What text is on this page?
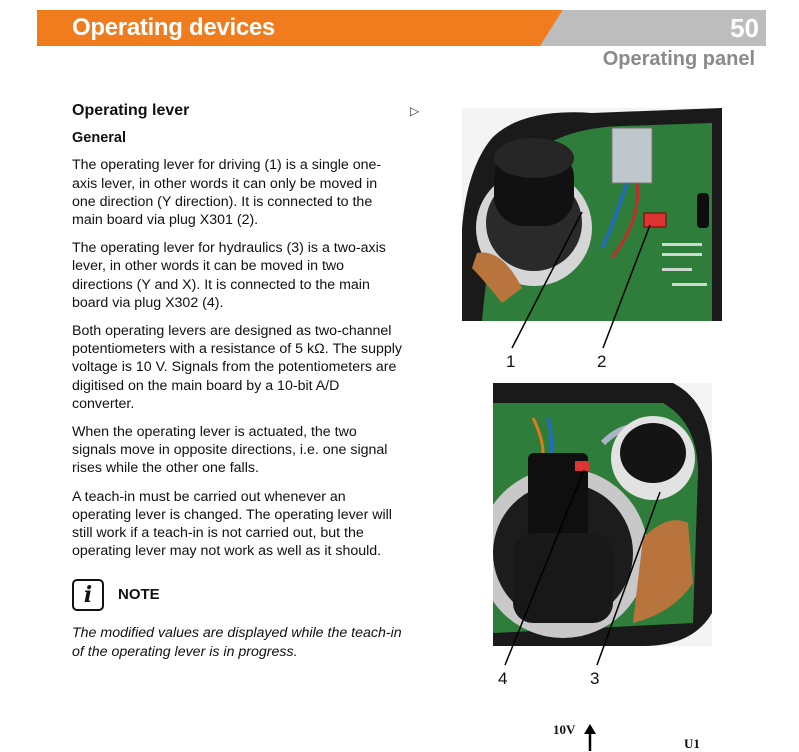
Operating devices	50
Operating panel
▷
Operating lever
General

The operating lever for driving (1) is a single one-axis lever, in other words it can only be moved in one direction (Y direction). It is connected to the main board via plug X301 (2).

The operating lever for hydraulics (3) is a two-axis lever, in other words it can be moved in two directions (Y and X). It is connected to the main board via plug X302 (4).

Both operating levers are designed as two-channel potentiometers with a resistance of 5 kΩ. The supply voltage is 10 V. Signals from the potentiometers are digitised on the main board by a 10-bit A/D converter.

When the operating lever is actuated, the two signals move in opposite directions, i.e. one signal rises while the other one falls.

A teach-in must be carried out whenever an operating lever is changed. The operating lever will still work if a teach-in is not carried out, but the operating lever may not work as well as it should.

i	NOTE
The modified values are displayed while the teach-in of the operating lever is in progress.
1	2
4	3
10V
U1
